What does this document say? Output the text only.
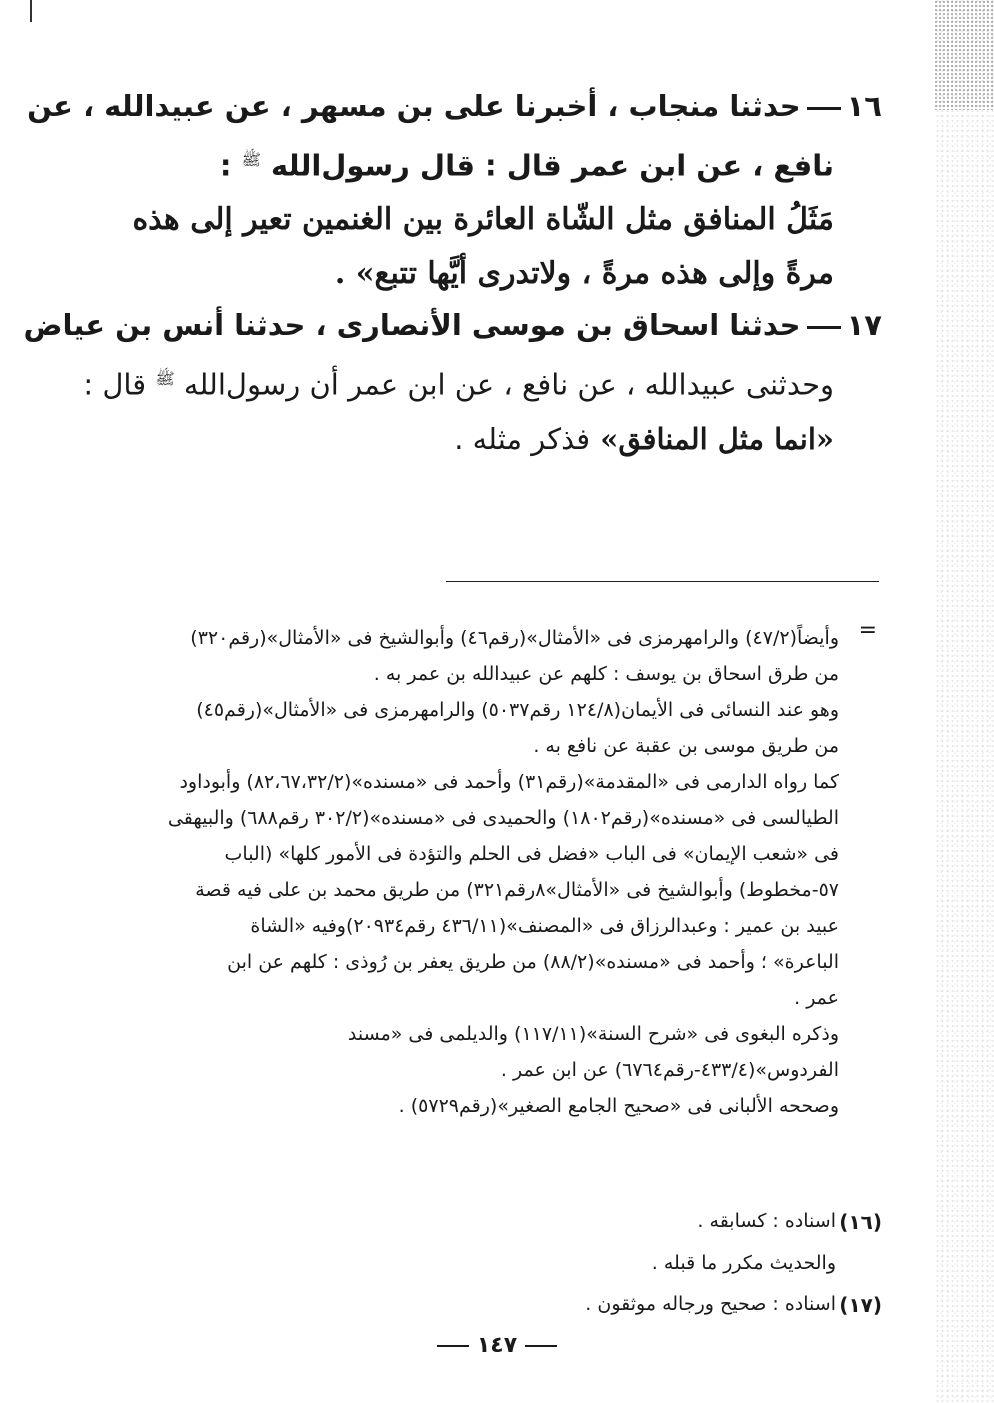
١٦حدثنا منجاب ، أخبرنا على بن مسهر ، عن عبيدالله ، عن
نافع ، عن ابن عمر قال : قال رسول‌الله $^ﷺ$ :
مَثَلُ المنافق مثل الشّاة العائرة بين الغنمين تعير إلى هذه
مرةً وإلى هذه مرةً ، ولاتدرى أيَّها تتبع» .
١٧حدثنا اسحاق بن موسى الأنصارى ، حدثنا أنس بن عياض
وحدثنى عبيدالله ، عن نافع ، عن ابن عمر أن رسول‌الله $^ﷺ$ قال :
«انما مثل المنافق» فذكر مثله .
=
وأيضاً(٤٧/٢) والرامهرمزى فى «الأمثال»(رقم٤٦) وأبوالشيخ فى «الأمثال»(رقم٣٢٠)
من طرق اسحاق بن يوسف : كلهم عن عبيدالله بن عمر به .
وهو عند النسائى فى الأيمان(١٢٤/٨ رقم٥٠٣٧) والرامهرمزى فى «الأمثال»(رقم٤٥)
من طريق موسى بن عقبة عن نافع به .
كما رواه الدارمى فى «المقدمة»(رقم٣١) وأحمد فى «مسنده»(٨٢،٦٧،٣٢/٢) وأبوداود
الطيالسى فى «مسنده»(رقم١٨٠٢) والحميدى فى «مسنده»(٣٠٢/٢ رقم٦٨٨) والبيهقى
فى «شعب الإيمان» فى الباب «فضل فى الحلم والتؤدة فى الأمور كلها» (الباب
٥٧-مخطوط) وأبوالشيخ فى «الأمثال»٨رقم٣٢١) من طريق محمد بن على فيه قصة
عبيد بن عمير : وعبدالرزاق فى «المصنف»(٤٣٦/١١ رقم٢٠٩٣٤)وفيه «الشاة
الباعرة» ؛ وأحمد فى «مسنده»(٨٨/٢) من طريق يعفر بن رُوذى : كلهم عن ابن
عمر .
وذكره البغوى فى «شرح السنة»(١١٧/١١) والديلمى فى «مسند
الفردوس»(٤٣٣/٤-رقم٦٧٦٤) عن ابن عمر .
وصححه الألبانى فى «صحيح الجامع الصغير»(رقم٥٧٢٩) .
(١٦)
اسناده : كسابقه .
والحديث مكرر ما قبله .
(١٧)
اسناده : صحيح ورجاله موثقون .
١٤٧
